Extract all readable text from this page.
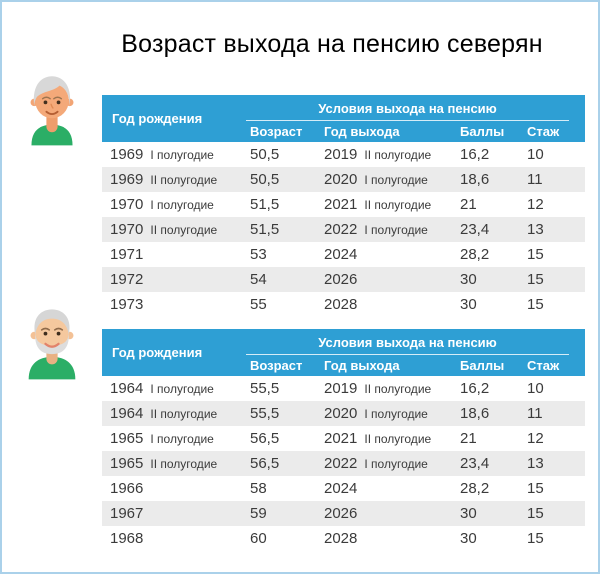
Возраст выхода на пенсию северян
Год рождения	Условия выхода на пенсию			

	Возраст	Год выхода	Баллы	Стаж
1969 I полугодие	50,5	2019 II полугодие	16,2	10
1969 II полугодие	50,5	2020 I полугодие	18,6	11
1970 I полугодие	51,5	2021 II полугодие	21	12
1970 II полугодие	51,5	2022 I полугодие	23,4	13
1971	53	2024	28,2	15
1972	54	2026	30	15
1973	55	2028	30	15
Год рождения	Условия выхода на пенсию			

	Возраст	Год выхода	Баллы	Стаж
1964 I полугодие	55,5	2019 II полугодие	16,2	10
1964 II полугодие	55,5	2020 I полугодие	18,6	11
1965 I полугодие	56,5	2021 II полугодие	21	12
1965 II полугодие	56,5	2022 I полугодие	23,4	13
1966	58	2024	28,2	15
1967	59	2026	30	15
1968	60	2028	30	15
